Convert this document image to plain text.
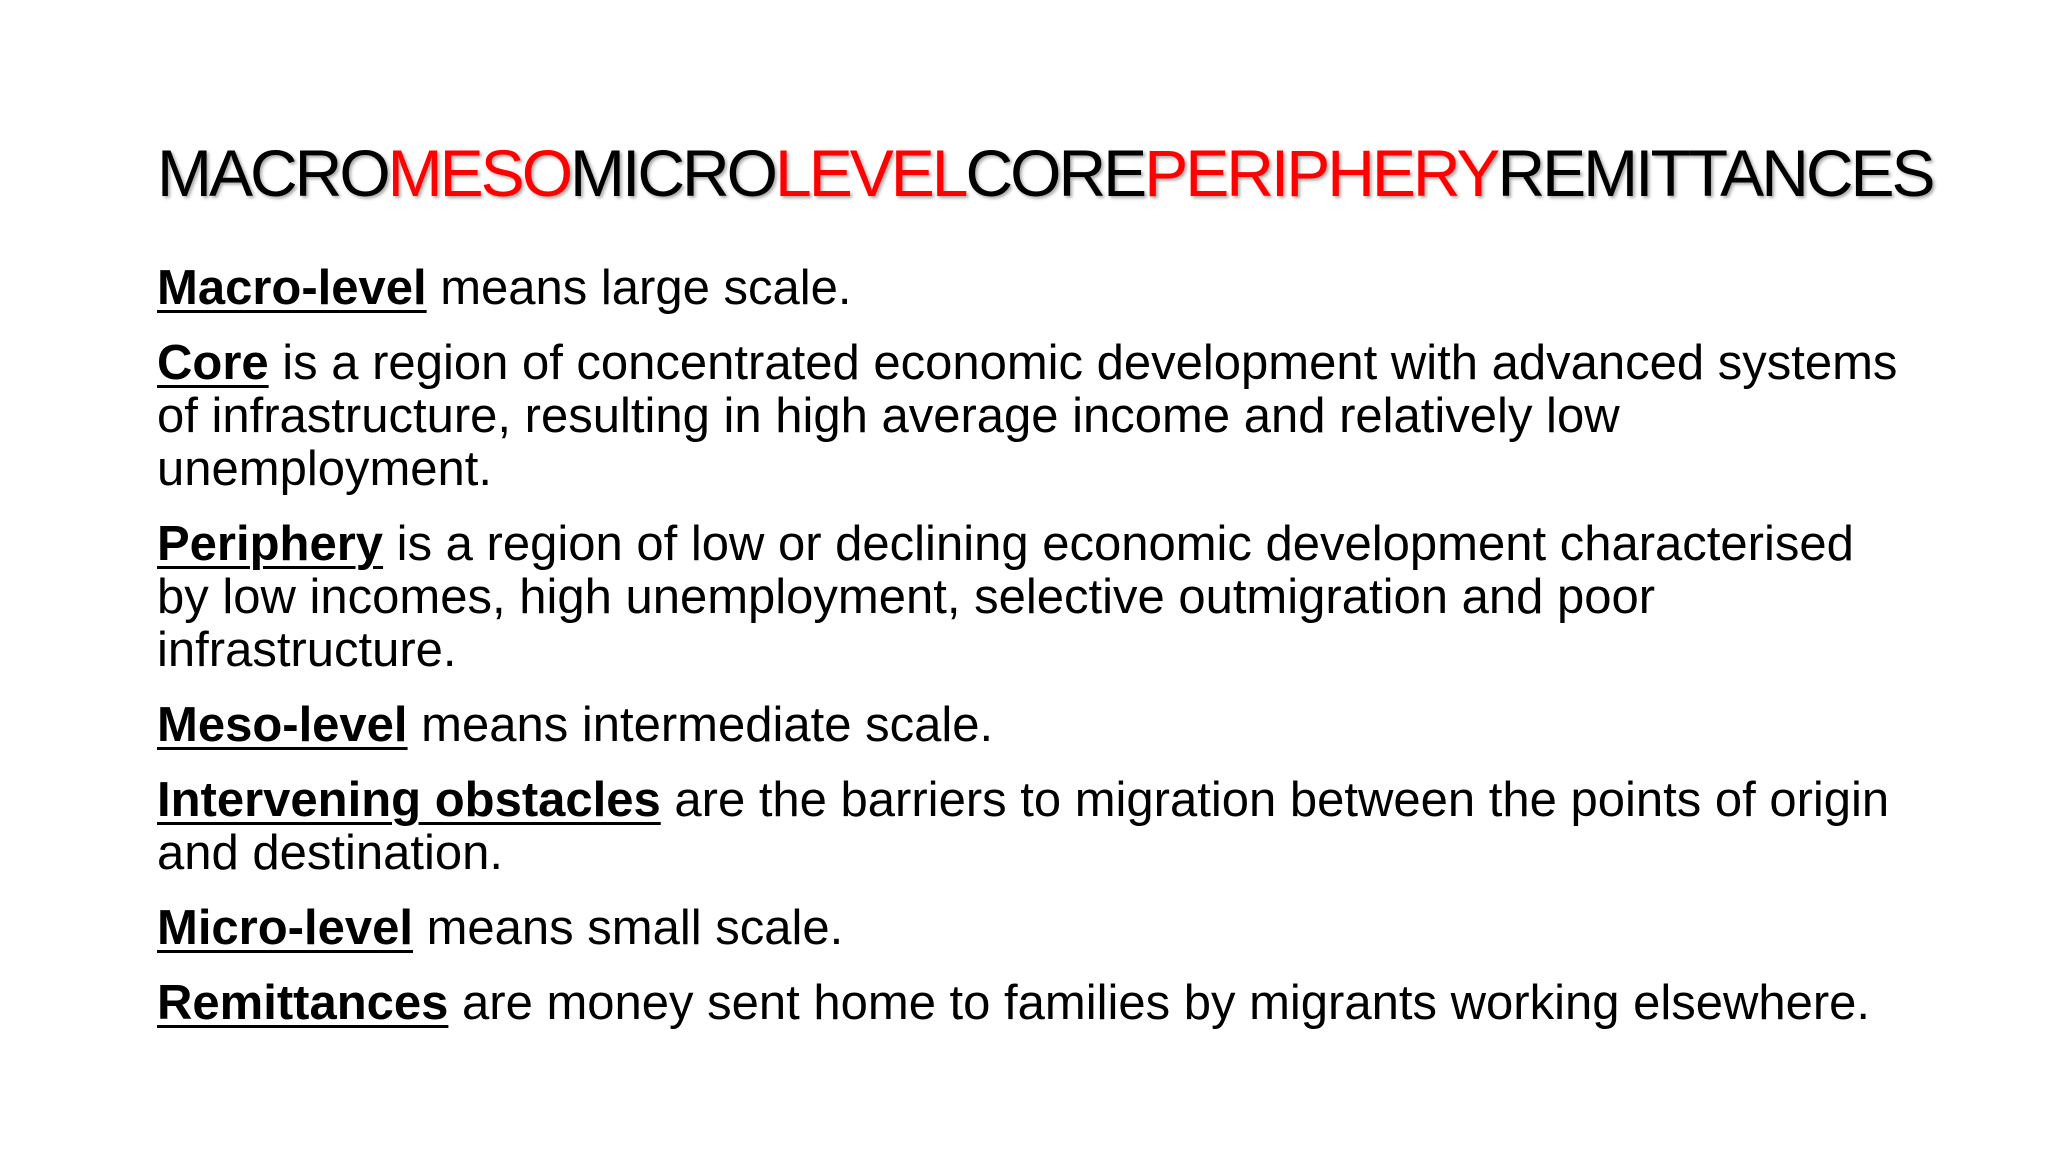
MACROMESOMICROLEVELCOREPERIPHERYREMITTANCES

Macro-level means large scale.

Core is a region of concentrated economic development with advanced systems of infrastructure, resulting in high average income and relatively low unemployment.

Periphery is a region of low or declining economic development characterised by low incomes, high unemployment, selective outmigration and poor infrastructure.

Meso-level means intermediate scale.

Intervening obstacles are the barriers to migration between the points of origin and destination.

Micro-level means small scale.

Remittances are money sent home to families by migrants working elsewhere.
